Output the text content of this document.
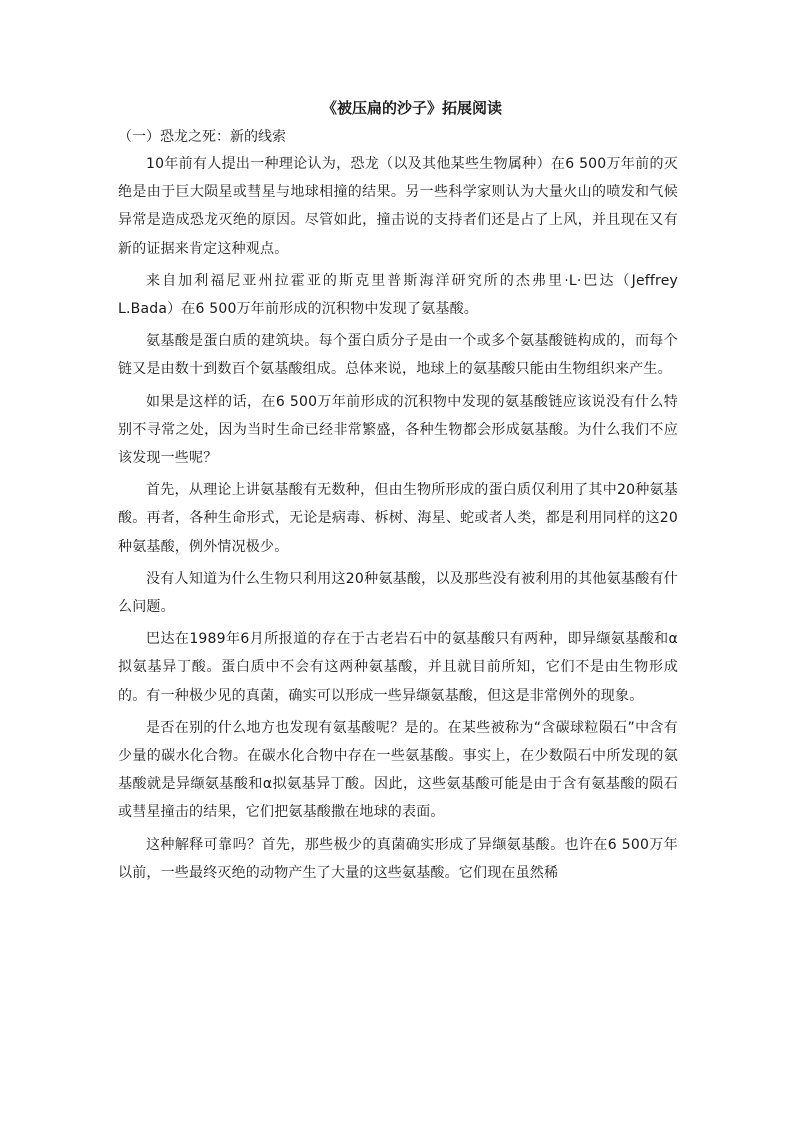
《被压扁的沙子》拓展阅读

（一）恐龙之死：新的线索

10年前有人提出一种理论认为，恐龙（以及其他某些生物属种）在6 500万年前的灭绝是由于巨大陨星或彗星与地球相撞的结果。另一些科学家则认为大量火山的喷发和气候异常是造成恐龙灭绝的原因。尽管如此，撞击说的支持者们还是占了上风，并且现在又有新的证据来肯定这种观点。

来自加利福尼亚州拉霍亚的斯克里普斯海洋研究所的杰弗里·L·巴达（Jeffrey L.Bada）在6 500万年前形成的沉积物中发现了氨基酸。

氨基酸是蛋白质的建筑块。每个蛋白质分子是由一个或多个氨基酸链构成的，而每个链又是由数十到数百个氨基酸组成。总体来说，地球上的氨基酸只能由生物组织来产生。

如果是这样的话，在6 500万年前形成的沉积物中发现的氨基酸链应该说没有什么特别不寻常之处，因为当时生命已经非常繁盛，各种生物都会形成氨基酸。为什么我们不应该发现一些呢？

首先，从理论上讲氨基酸有无数种，但由生物所形成的蛋白质仅利用了其中20种氨基酸。再者，各种生命形式，无论是病毒、柝树、海星、蛇或者人类，都是利用同样的这20种氨基酸，例外情况极少。

没有人知道为什么生物只利用这20种氨基酸，以及那些没有被利用的其他氨基酸有什么问题。

巴达在1989年6月所报道的存在于古老岩石中的氨基酸只有两种，即异缬氨基酸和α拟氨基异丁酸。蛋白质中不会有这两种氨基酸，并且就目前所知，它们不是由生物形成的。有一种极少见的真菌，确实可以形成一些异缬氨基酸，但这是非常例外的现象。

是否在别的什么地方也发现有氨基酸呢？是的。在某些被称为“含碳球粒陨石”中含有少量的碳水化合物。在碳水化合物中存在一些氨基酸。事实上，在少数陨石中所发现的氨基酸就是异缬氨基酸和α拟氨基异丁酸。因此，这些氨基酸可能是由于含有氨基酸的陨石或彗星撞击的结果，它们把氨基酸撒在地球的表面。

这种解释可靠吗？首先，那些极少的真菌确实形成了异缬氨基酸。也许在6 500万年以前，一些最终灭绝的动物产生了大量的这些氨基酸。它们现在虽然稀
